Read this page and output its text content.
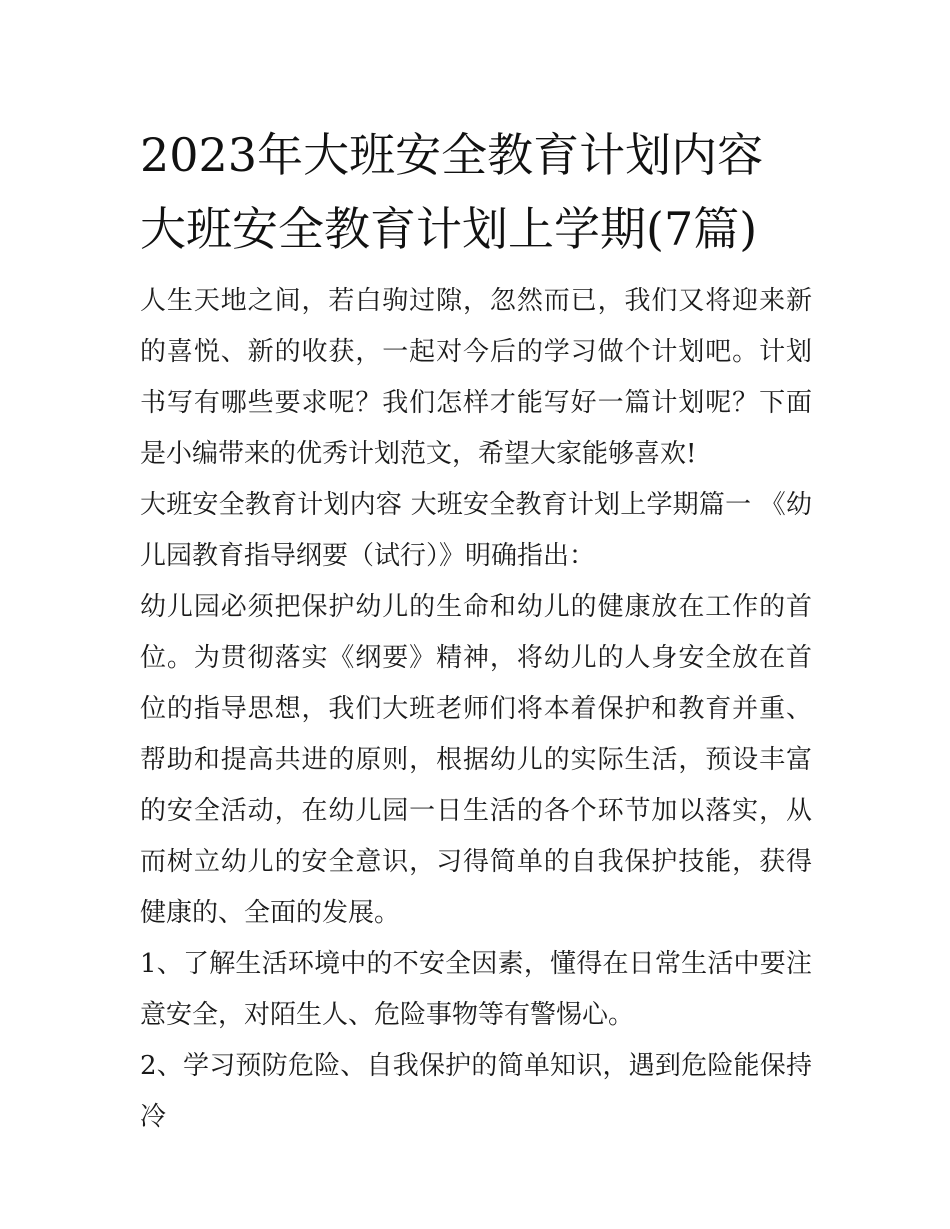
2023年大班安全教育计划内容 大班安全教育计划上学期(7篇)

人生天地之间，若白驹过隙，忽然而已，我们又将迎来新的喜悦、新的收获，一起对今后的学习做个计划吧。计划书写有哪些要求呢？我们怎样才能写好一篇计划呢？下面是小编带来的优秀计划范文，希望大家能够喜欢!

大班安全教育计划内容 大班安全教育计划上学期篇一 《幼儿园教育指导纲要（试行）》明确指出：

幼儿园必须把保护幼儿的生命和幼儿的健康放在工作的首位。为贯彻落实《纲要》精神，将幼儿的人身安全放在首位的指导思想，我们大班老师们将本着保护和教育并重、帮助和提高共进的原则，根据幼儿的实际生活，预设丰富的安全活动，在幼儿园一日生活的各个环节加以落实，从而树立幼儿的安全意识，习得简单的自我保护技能，获得健康的、全面的发展。

1、了解生活环境中的不安全因素，懂得在日常生活中要注意安全，对陌生人、危险事物等有警惕心。

2、学习预防危险、自我保护的简单知识，遇到危险能保持冷
